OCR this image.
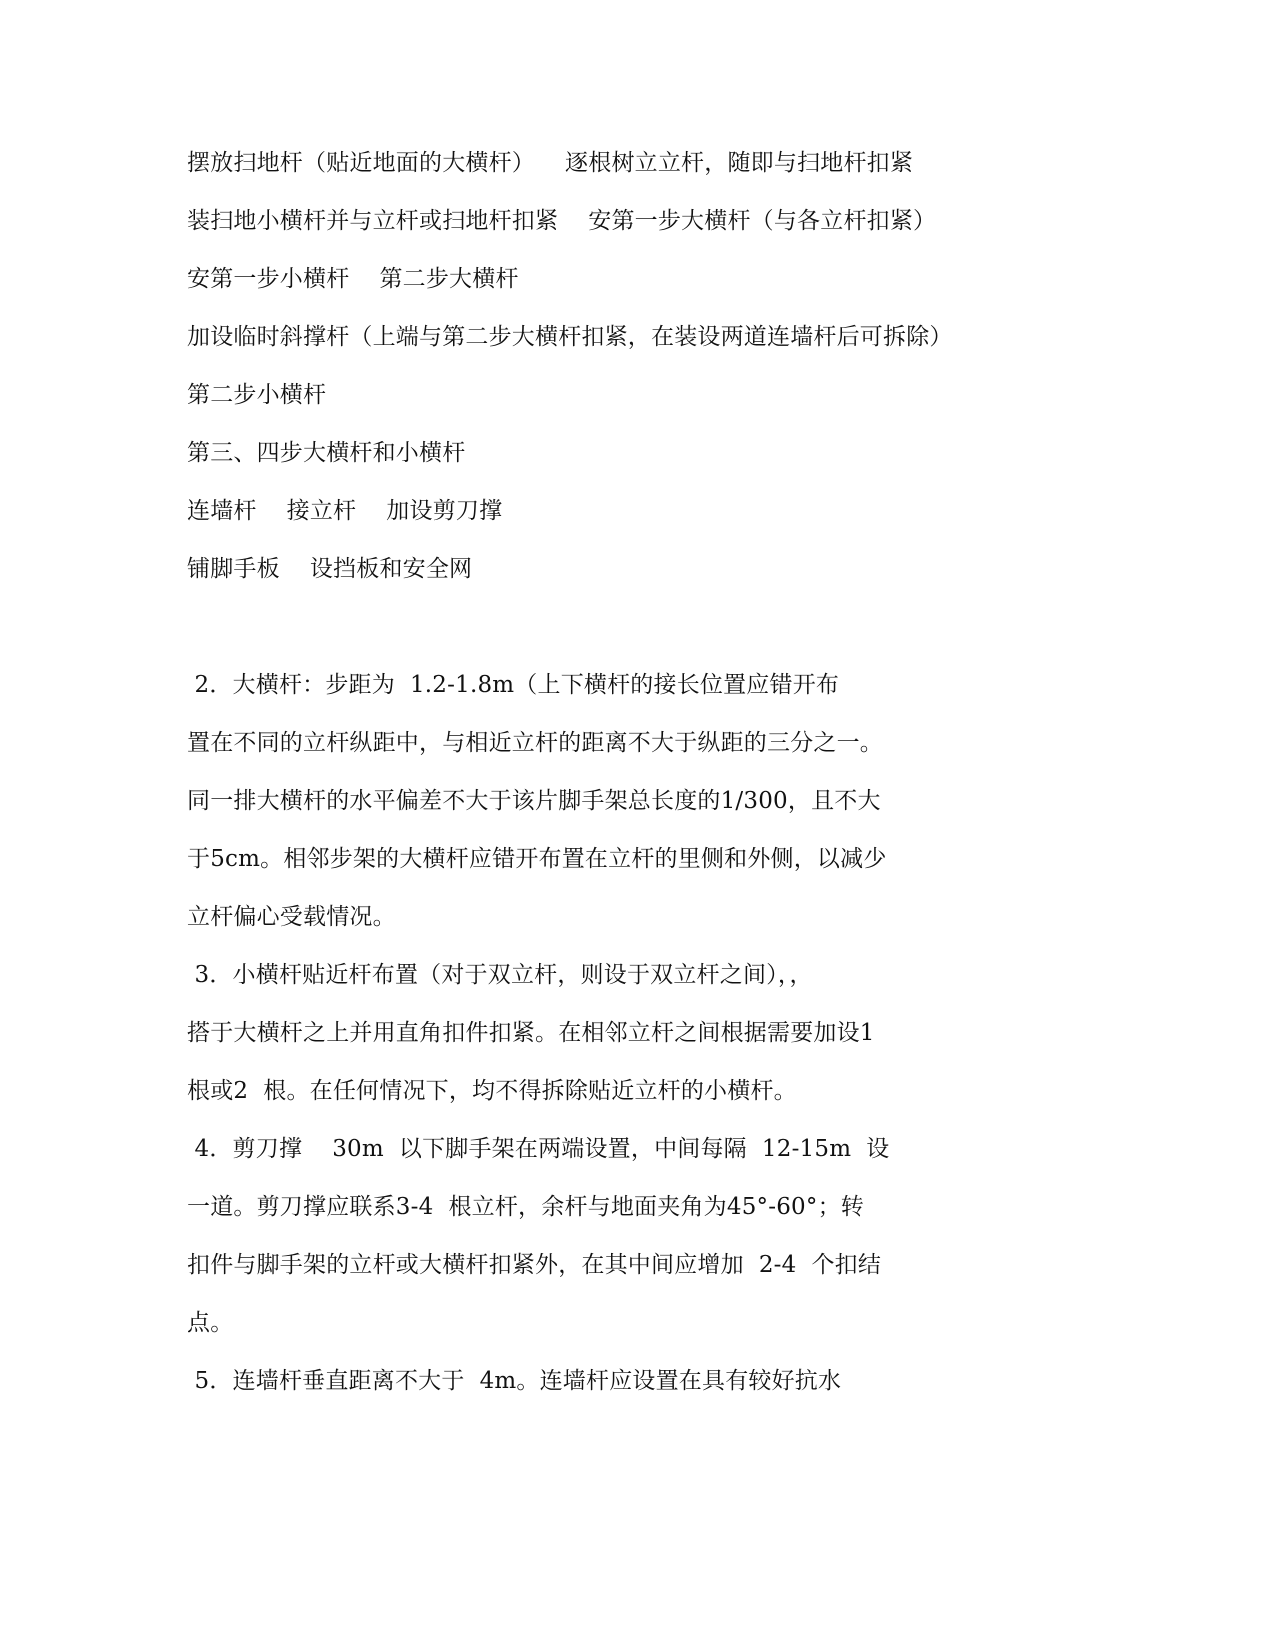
摆放扫地杆（贴近地面的大横杆）    逐根树立立杆，随即与扫地杆扣紧
装扫地小横杆并与立杆或扫地杆扣紧    安第一步大横杆（与各立杆扣紧）
安第一步小横杆    第二步大横杆
加设临时斜撑杆（上端与第二步大横杆扣紧，在装设两道连墙杆后可拆除）
第二步小横杆
第三、四步大横杆和小横杆
连墙杆    接立杆    加设剪刀撑
铺脚手板    设挡板和安全网
2．大横杆：步距为  1.2-1.8m（上下横杆的接长位置应错开布
置在不同的立杆纵距中，与相近立杆的距离不大于纵距的三分之一。
同一排大横杆的水平偏差不大于该片脚手架总长度的1/300，且不大
于5cm。相邻步架的大横杆应错开布置在立杆的里侧和外侧，以减少
立杆偏心受载情况。
3．小横杆贴近杆布置（对于双立杆，则设于双立杆之间），，
搭于大横杆之上并用直角扣件扣紧。在相邻立杆之间根据需要加设1
根或2  根。在任何情况下，均不得拆除贴近立杆的小横杆。
4．剪刀撑    30m  以下脚手架在两端设置，中间每隔  12-15m  设
一道。剪刀撑应联系3-4  根立杆，余杆与地面夹角为45°-60°；转
扣件与脚手架的立杆或大横杆扣紧外，在其中间应增加  2-4  个扣结
点。
5．连墙杆垂直距离不大于  4m。连墙杆应设置在具有较好抗水
